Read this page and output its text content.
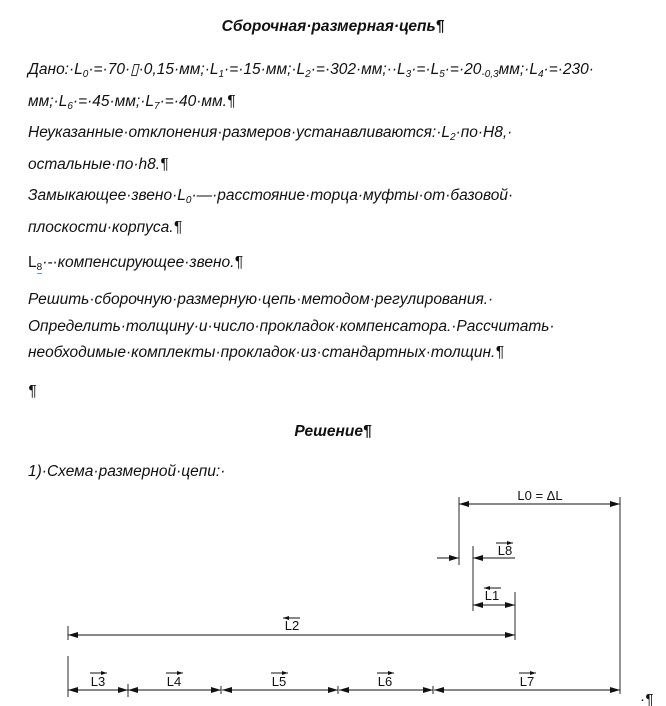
Сборочная·размерная·цепь¶
$Дано:\cdot L_0\cdot=\cdot 70\cdot▯\cdot 0,15\cdot мм;\cdot L_1\cdot=\cdot 15\cdot мм;\cdot L_2\cdot=\cdot 302\cdot мм;\cdot\cdot L_3\cdot=\cdot L_5\cdot=\cdot 20_{-0,3}мм;\cdot L_4\cdot=\cdot 230\cdot$
$мм;\cdot L_6\cdot=\cdot 45\cdot мм;\cdot L_7\cdot=\cdot 40\cdot мм.\P$
$Неуказанные\cdot отклонения\cdot размеров\cdot устанавливаются:\cdot L_2\cdot по\cdot H8,\cdot$
остальные·по·h8.¶
$Замыкающее\cdot звено\cdot L_0\cdot—\cdot расстояние\cdot торца\cdot муфты\cdot от\cdot базовой\cdot$
плоскости·корпуса.¶
$L_8\cdot-\cdot компенсирующее\cdot звено.\P$
Решить·сборочную·размерную·цепь·методом·регулирования.·
Определить·толщину·и·число·прокладок·компенсатора.·Рассчитать·
необходимые·комплекты·прокладок·из·стандартных·толщин.¶
¶
Решение¶
1)·Схема·размерной·цепи:·
L0 = ΔL
L8
L1
L2
L3	L4	L5	L6	L7
·¶
